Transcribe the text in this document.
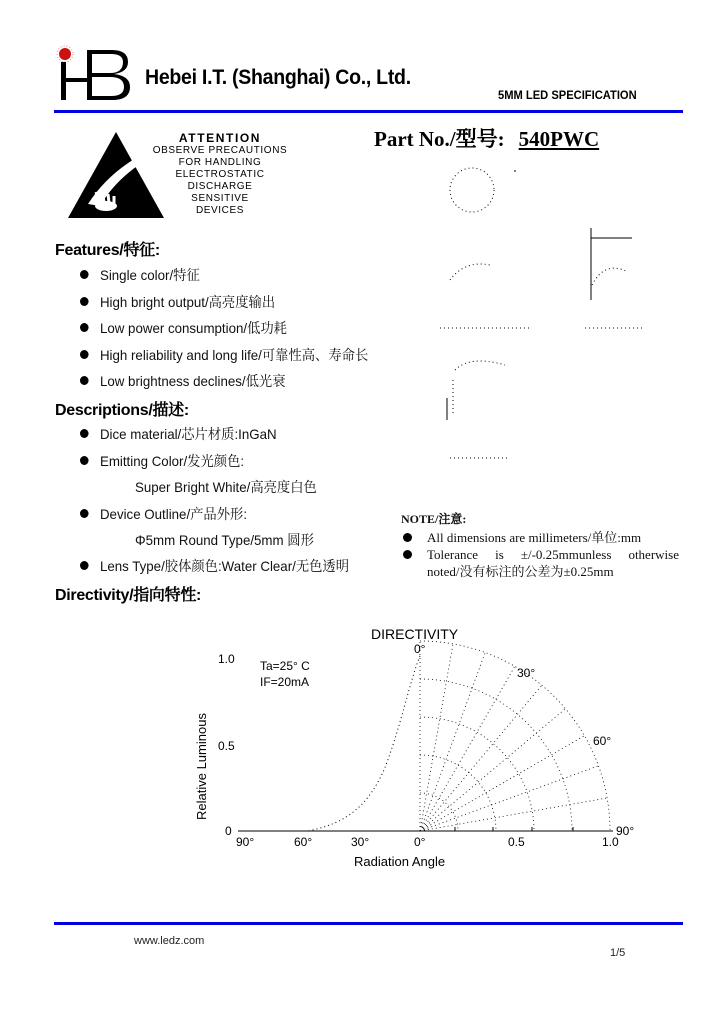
Hebei I.T. (Shanghai) Co., Ltd.
5MM LED SPECIFICATION
ATTENTION
OBSERVE PRECAUTIONS
FOR HANDLING
ELECTROSTATIC
DISCHARGE
SENSITIVE
DEVICES
Part No./型号: 540PWC
Features/特征:
Single color/特征
High bright output/高亮度输出
Low power consumption/低功耗
High reliability and long life/可靠性高、寿命长
Low brightness declines/低光衰
Descriptions/描述:
Dice material/芯片材质:InGaN
Emitting Color/发光颜色:
Super Bright White/高亮度白色
Device Outline/产品外形:
Φ5mm Round Type/5mm 圆形
Lens Type/胶体颜色:Water Clear/无色透明
Directivity/指向特性:
NOTE/注意:
All dimensions are millimeters/单位:mm
Tolerance is ±/-0.25mmunless otherwise
noted/没有标注的公差为±0.25mm
DIRECTIVITY
Ta=25° C
IF=20mA
Relative Luminous
Radiation Angle
1.0
0.5
0
90°	60°	30°	0°	0.5	1.0
0°
30°
60°
90°
www.ledz.com
1/5
